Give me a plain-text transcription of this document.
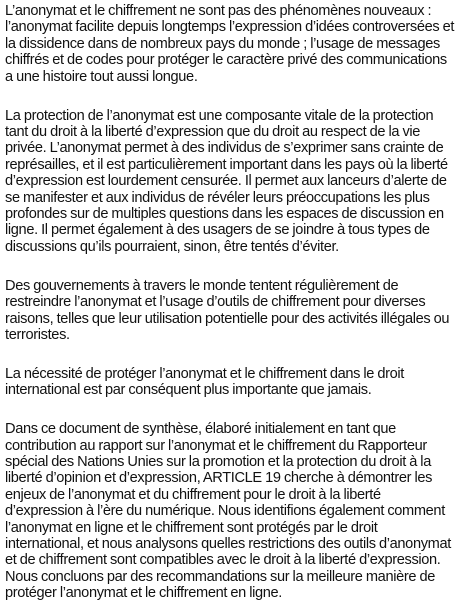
L’anonymat et le chiffrement ne sont pas des phénomènes nouveaux : l’anonymat facilite depuis longtemps l’expression d’idées controversées et la dissidence dans de nombreux pays du monde ; l’usage de messages chiffrés et de codes pour protéger le caractère privé des communications a une histoire tout aussi longue.

La protection de l’anonymat est une composante vitale de la protection tant du droit à la liberté d’expression que du droit au respect de la vie privée. L’anonymat permet à des individus de s’exprimer sans crainte de représailles, et il est particulièrement important dans les pays où la liberté d’expression est lourdement censurée. Il permet aux lanceurs d’alerte de se manifester et aux individus de révéler leurs préoccupations les plus profondes sur de multiples questions dans les espaces de discussion en ligne. Il permet également à des usagers de se joindre à tous types de discussions qu’ils pourraient, sinon, être tentés d’éviter.

Des gouvernements à travers le monde tentent régulièrement de restreindre l’anonymat et l’usage d’outils de chiffrement pour diverses raisons, telles que leur utilisation potentielle pour des activités illégales ou terroristes.

La nécessité de protéger l’anonymat et le chiffrement dans le droit international est par conséquent plus importante que jamais.

Dans ce document de synthèse, élaboré initialement en tant que contribution au rapport sur l’anonymat et le chiffrement du Rapporteur spécial des Nations Unies sur la promotion et la protection du droit à la liberté d’opinion et d’expression, ARTICLE 19 cherche à démontrer les enjeux de l’anonymat et du chiffrement pour le droit à la liberté d’expression à l’ère du numérique. Nous identifions également comment l’anonymat en ligne et le chiffrement sont protégés par le droit international, et nous analysons quelles restrictions des outils d’anonymat et de chiffrement sont compatibles avec le droit à la liberté d’expression. Nous concluons par des recommandations sur la meilleure manière de protéger l’anonymat et le chiffrement en ligne.
